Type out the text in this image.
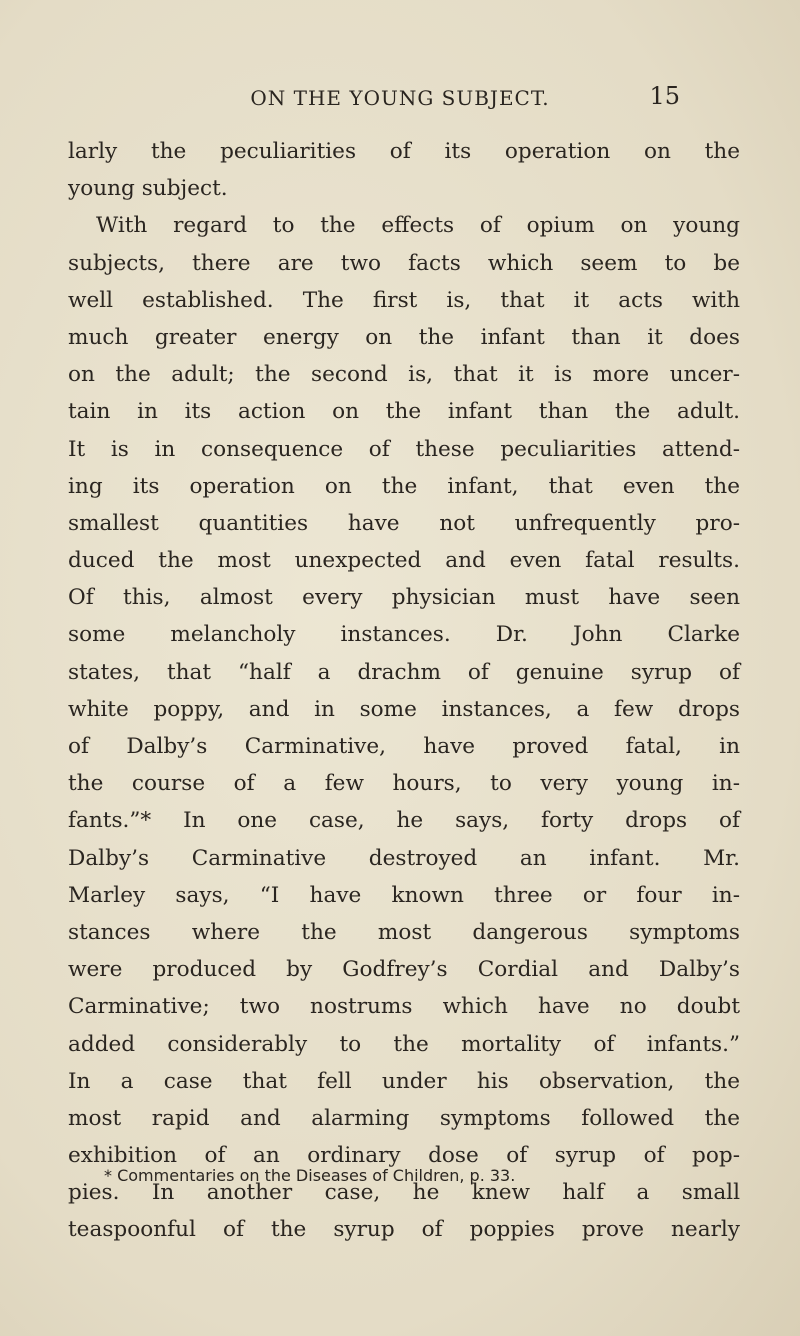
ON THE YOUNG SUBJECT.	15
larly the peculiarities of its operation on the
young subject.
With regard to the effects of opium on young
subjects, there are two facts which seem to be
well established. The first is, that it acts with
much greater energy on the infant than it does
on the adult; the second is, that it is more uncer-
tain in its action on the infant than the adult.
It is in consequence of these peculiarities attend-
ing its operation on the infant, that even the
smallest quantities have not unfrequently pro-
duced the most unexpected and even fatal results.
Of this, almost every physician must have seen
some melancholy instances. Dr. John Clarke
states, that “half a drachm of genuine syrup of
white poppy, and in some instances, a few drops
of Dalby’s Carminative, have proved fatal, in
the course of a few hours, to very young in-
fants.”* In one case, he says, forty drops of
Dalby’s Carminative destroyed an infant. Mr.
Marley says, “I have known three or four in-
stances where the most dangerous symptoms
were produced by Godfrey’s Cordial and Dalby’s
Carminative; two nostrums which have no doubt
added considerably to the mortality of infants.”
In a case that fell under his observation, the
most rapid and alarming symptoms followed the
exhibition of an ordinary dose of syrup of pop-
pies. In another case, he knew half a small
teaspoonful of the syrup of poppies prove nearly
* Commentaries on the Diseases of Children, p. 33.
